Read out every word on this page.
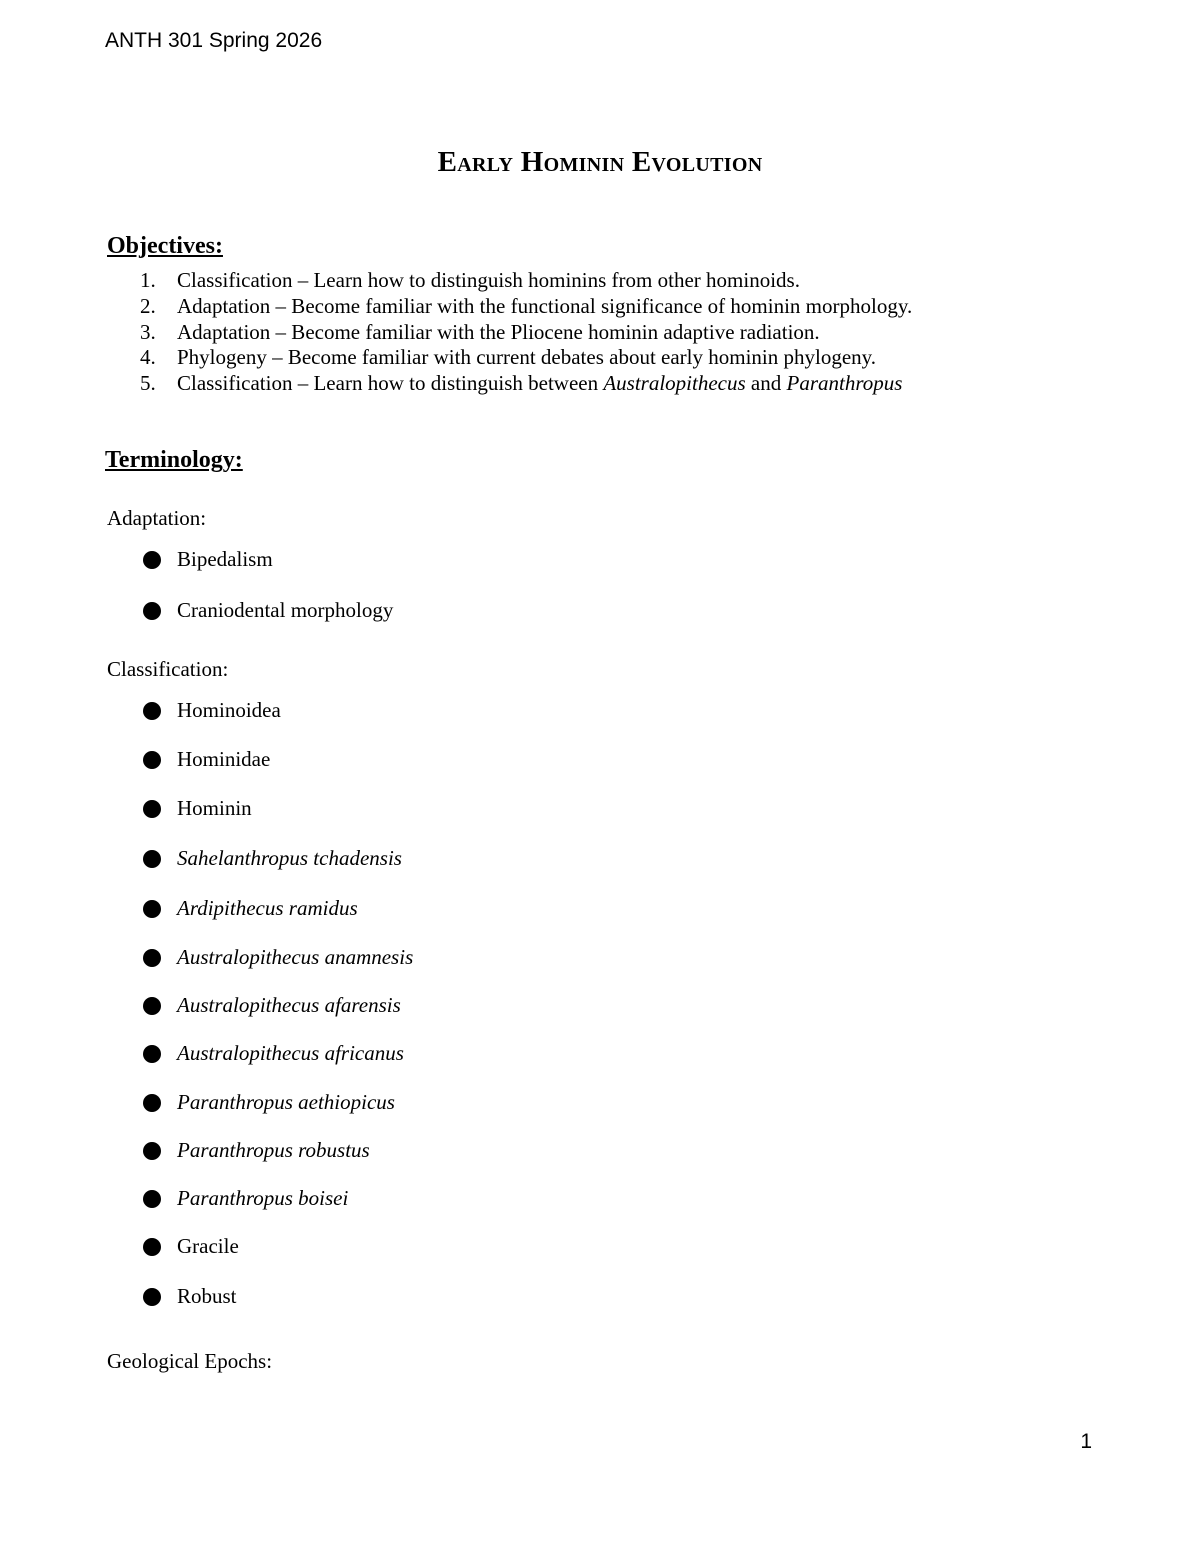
ANTH 301 Spring 2026
Early Hominin Evolution
Objectives:
1. Classification – Learn how to distinguish hominins from other hominoids.
2. Adaptation – Become familiar with the functional significance of hominin morphology.
3. Adaptation – Become familiar with the Pliocene hominin adaptive radiation.
4. Phylogeny – Become familiar with current debates about early hominin phylogeny.
5. Classification – Learn how to distinguish between Australopithecus and Paranthropus
Terminology:
Adaptation:
Bipedalism
Craniodental morphology
Classification:
Hominoidea
Hominidae
Hominin
Sahelanthropus tchadensis
Ardipithecus ramidus
Australopithecus anamnesis
Australopithecus afarensis
Australopithecus africanus
Paranthropus aethiopicus
Paranthropus robustus
Paranthropus boisei
Gracile
Robust
Geological Epochs:
1
